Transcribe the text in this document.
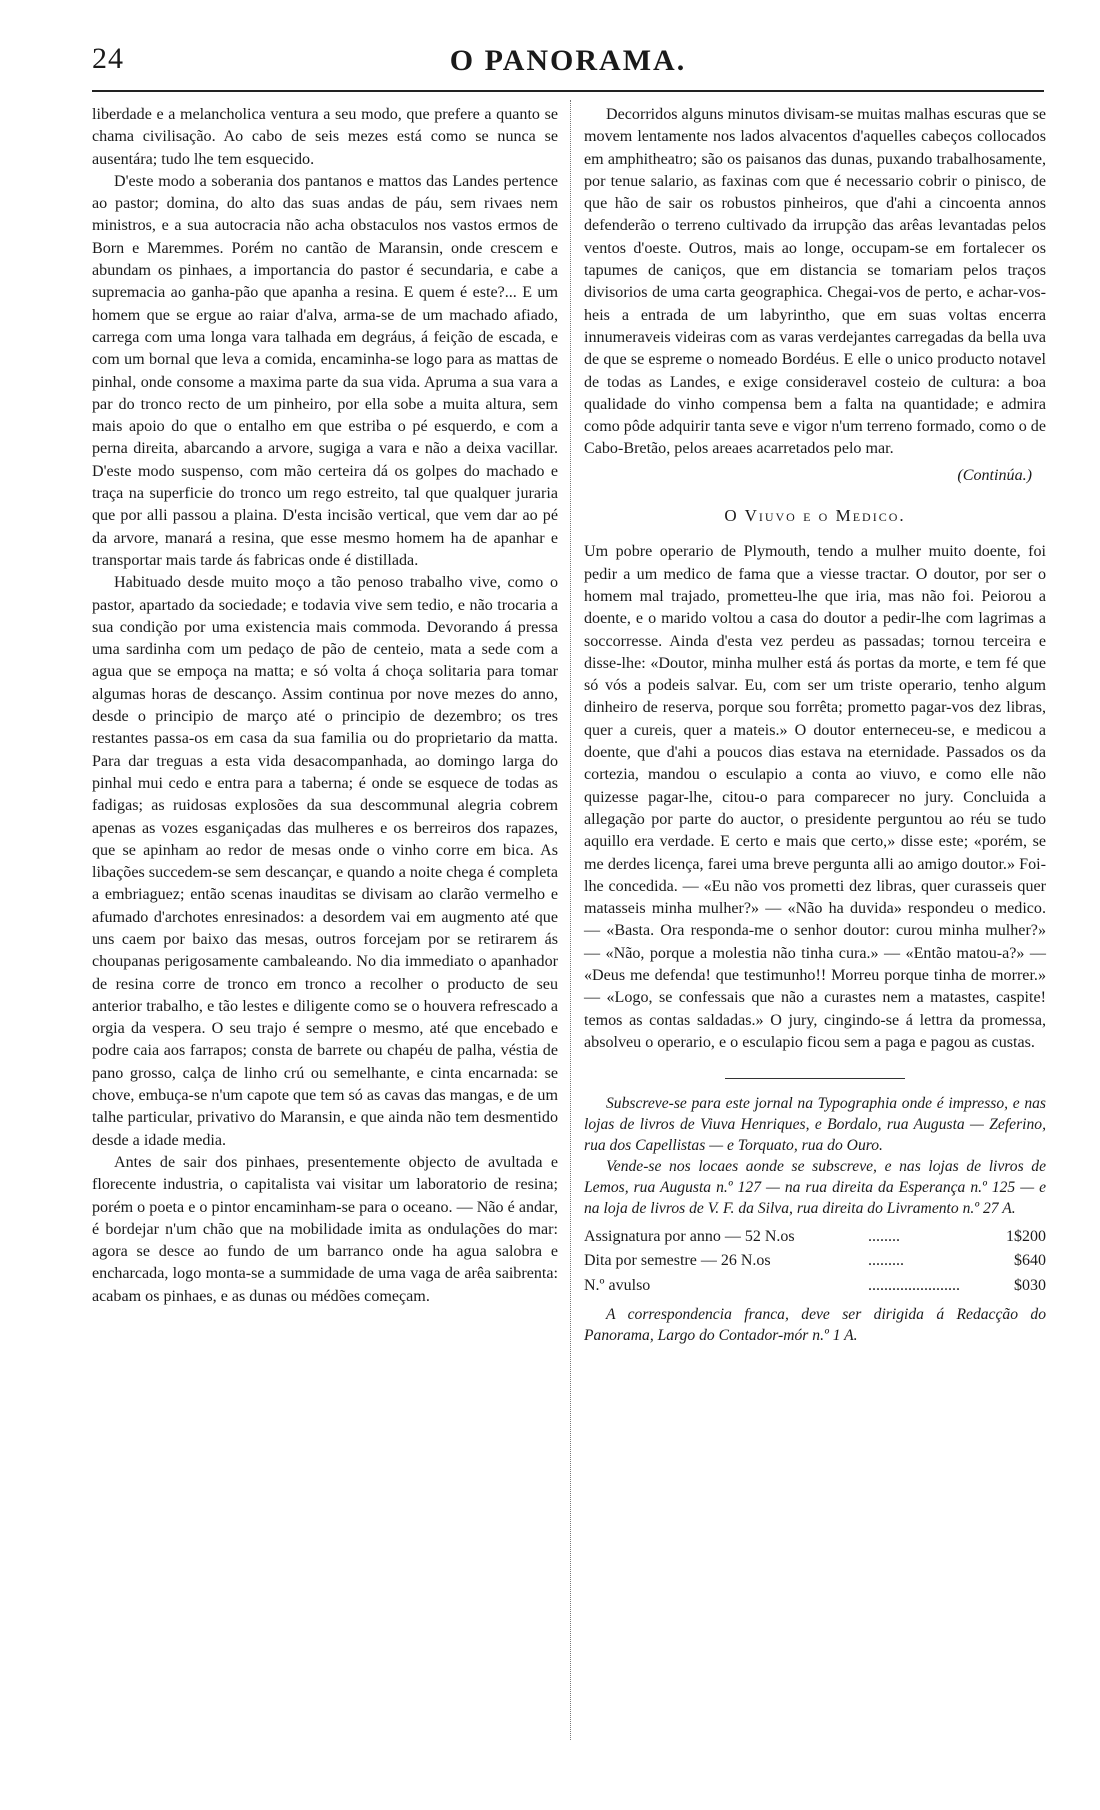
24	O PANORAMA.

liberdade e a melancholica ventura a seu modo, que prefere a quanto se chama civilisação. Ao cabo de seis mezes está como se nunca se ausentára; tudo lhe tem esquecido.

D'este modo a soberania dos pantanos e mattos das Landes pertence ao pastor; domina, do alto das suas andas de páu, sem rivaes nem ministros, e a sua autocracia não acha obstaculos nos vastos ermos de Born e Maremmes. Porém no cantão de Maransin, onde crescem e abundam os pinhaes, a importancia do pastor é secundaria, e cabe a supremacia ao ganha-pão que apanha a resina. E quem é este?... E um homem que se ergue ao raiar d'alva, arma-se de um machado afiado, carrega com uma longa vara talhada em degráus, á feição de escada, e com um bornal que leva a comida, encaminha-se logo para as mattas de pinhal, onde consome a maxima parte da sua vida. Apruma a sua vara a par do tronco recto de um pinheiro, por ella sobe a muita altura, sem mais apoio do que o entalho em que estriba o pé esquerdo, e com a perna direita, abarcando a arvore, sugiga a vara e não a deixa vacillar. D'este modo suspenso, com mão certeira dá os golpes do machado e traça na superficie do tronco um rego estreito, tal que qualquer juraria que por alli passou a plaina. D'esta incisão vertical, que vem dar ao pé da arvore, manará a resina, que esse mesmo homem ha de apanhar e transportar mais tarde ás fabricas onde é distillada.

Habituado desde muito moço a tão penoso trabalho vive, como o pastor, apartado da sociedade; e todavia vive sem tedio, e não trocaria a sua condição por uma existencia mais commoda. Devorando á pressa uma sardinha com um pedaço de pão de centeio, mata a sede com a agua que se empoça na matta; e só volta á choça solitaria para tomar algumas horas de descanço. Assim continua por nove mezes do anno, desde o principio de março até o principio de dezembro; os tres restantes passa-os em casa da sua familia ou do proprietario da matta. Para dar treguas a esta vida desacompanhada, ao domingo larga do pinhal mui cedo e entra para a taberna; é onde se esquece de todas as fadigas; as ruidosas explosões da sua descommunal alegria cobrem apenas as vozes esganiçadas das mulheres e os berreiros dos rapazes, que se apinham ao redor de mesas onde o vinho corre em bica. As libações succedem-se sem descançar, e quando a noite chega é completa a embriaguez; então scenas inauditas se divisam ao clarão vermelho e afumado d'archotes enresinados: a desordem vai em augmento até que uns caem por baixo das mesas, outros forcejam por se retirarem ás choupanas perigosamente cambaleando. No dia immediato o apanhador de resina corre de tronco em tronco a recolher o producto de seu anterior trabalho, e tão lestes e diligente como se o houvera refrescado a orgia da vespera. O seu trajo é sempre o mesmo, até que encebado e podre caia aos farrapos; consta de barrete ou chapéu de palha, véstia de pano grosso, calça de linho crú ou semelhante, e cinta encarnada: se chove, embuça-se n'um capote que tem só as cavas das mangas, e de um talhe particular, privativo do Maransin, e que ainda não tem desmentido desde a idade media.

Antes de sair dos pinhaes, presentemente objecto de avultada e florecente industria, o capitalista vai visitar um laboratorio de resina; porém o poeta e o pintor encaminham-se para o oceano. — Não é andar, é bordejar n'um chão que na mobilidade imita as ondulações do mar: agora se desce ao fundo de um barranco onde ha agua salobra e encharcada, logo monta-se a summidade de uma vaga de arêa saibrenta: acabam os pinhaes, e as dunas ou médões começam.

Decorridos alguns minutos divisam-se muitas malhas escuras que se movem lentamente nos lados alvacentos d'aquelles cabeços collocados em amphitheatro; são os paisanos das dunas, puxando trabalhosamente, por tenue salario, as faxinas com que é necessario cobrir o pinisco, de que hão de sair os robustos pinheiros, que d'ahi a cincoenta annos defenderão o terreno cultivado da irrupção das arêas levantadas pelos ventos d'oeste. Outros, mais ao longe, occupam-se em fortalecer os tapumes de caniços, que em distancia se tomariam pelos traços divisorios de uma carta geographica. Chegai-vos de perto, e achar-vos-heis a entrada de um labyrintho, que em suas voltas encerra innumeraveis videiras com as varas verdejantes carregadas da bella uva de que se espreme o nomeado Bordéus. E elle o unico producto notavel de todas as Landes, e exige consideravel costeio de cultura: a boa qualidade do vinho compensa bem a falta na quantidade; e admira como pôde adquirir tanta seve e vigor n'um terreno formado, como o de Cabo-Bretão, pelos areaes acarretados pelo mar.

(Continúa.)
O Viuvo e o Medico.

Um pobre operario de Plymouth, tendo a mulher muito doente, foi pedir a um medico de fama que a viesse tractar. O doutor, por ser o homem mal trajado, prometteu-lhe que iria, mas não foi. Peiorou a doente, e o marido voltou a casa do doutor a pedir-lhe com lagrimas a soccorresse. Ainda d'esta vez perdeu as passadas; tornou terceira e disse-lhe: «Doutor, minha mulher está ás portas da morte, e tem fé que só vós a podeis salvar. Eu, com ser um triste operario, tenho algum dinheiro de reserva, porque sou forrêta; prometto pagar-vos dez libras, quer a cureis, quer a mateis.» O doutor enterneceu-se, e medicou a doente, que d'ahi a poucos dias estava na eternidade. Passados os da cortezia, mandou o esculapio a conta ao viuvo, e como elle não quizesse pagar-lhe, citou-o para comparecer no jury. Concluida a allegação por parte do auctor, o presidente perguntou ao réu se tudo aquillo era verdade. E certo e mais que certo,» disse este; «porém, se me derdes licença, farei uma breve pergunta alli ao amigo doutor.» Foi-lhe concedida. — «Eu não vos prometti dez libras, quer curasseis quer matasseis minha mulher?» — «Não ha duvida» respondeu o medico. — «Basta. Ora responda-me o senhor doutor: curou minha mulher?» — «Não, porque a molestia não tinha cura.» — «Então matou-a?» — «Deus me defenda! que testimunho!! Morreu porque tinha de morrer.» — «Logo, se confessais que não a curastes nem a matastes, caspite! temos as contas saldadas.» O jury, cingindo-se á lettra da promessa, absolveu o operario, e o esculapio ficou sem a paga e pagou as custas.

Subscreve-se para este jornal na Typographia onde é impresso, e nas lojas de livros de Viuva Henriques, e Bordalo, rua Augusta — Zeferino, rua dos Capellistas — e Torquato, rua do Ouro.

Vende-se nos locaes aonde se subscreve, e nas lojas de livros de Lemos, rua Augusta n.º 127 — na rua direita da Esperança n.º 125 — e na loja de livros de V. F. da Silva, rua direita do Livramento n.º 27 A.

Assignatura por anno — 52 N.os	........	1$200
Dita por semestre — 26 N.os	.........	$640
N.º avulso	.......................	$030

A correspondencia franca, deve ser dirigida á Redacção do Panorama, Largo do Contador-mór n.º 1 A.
